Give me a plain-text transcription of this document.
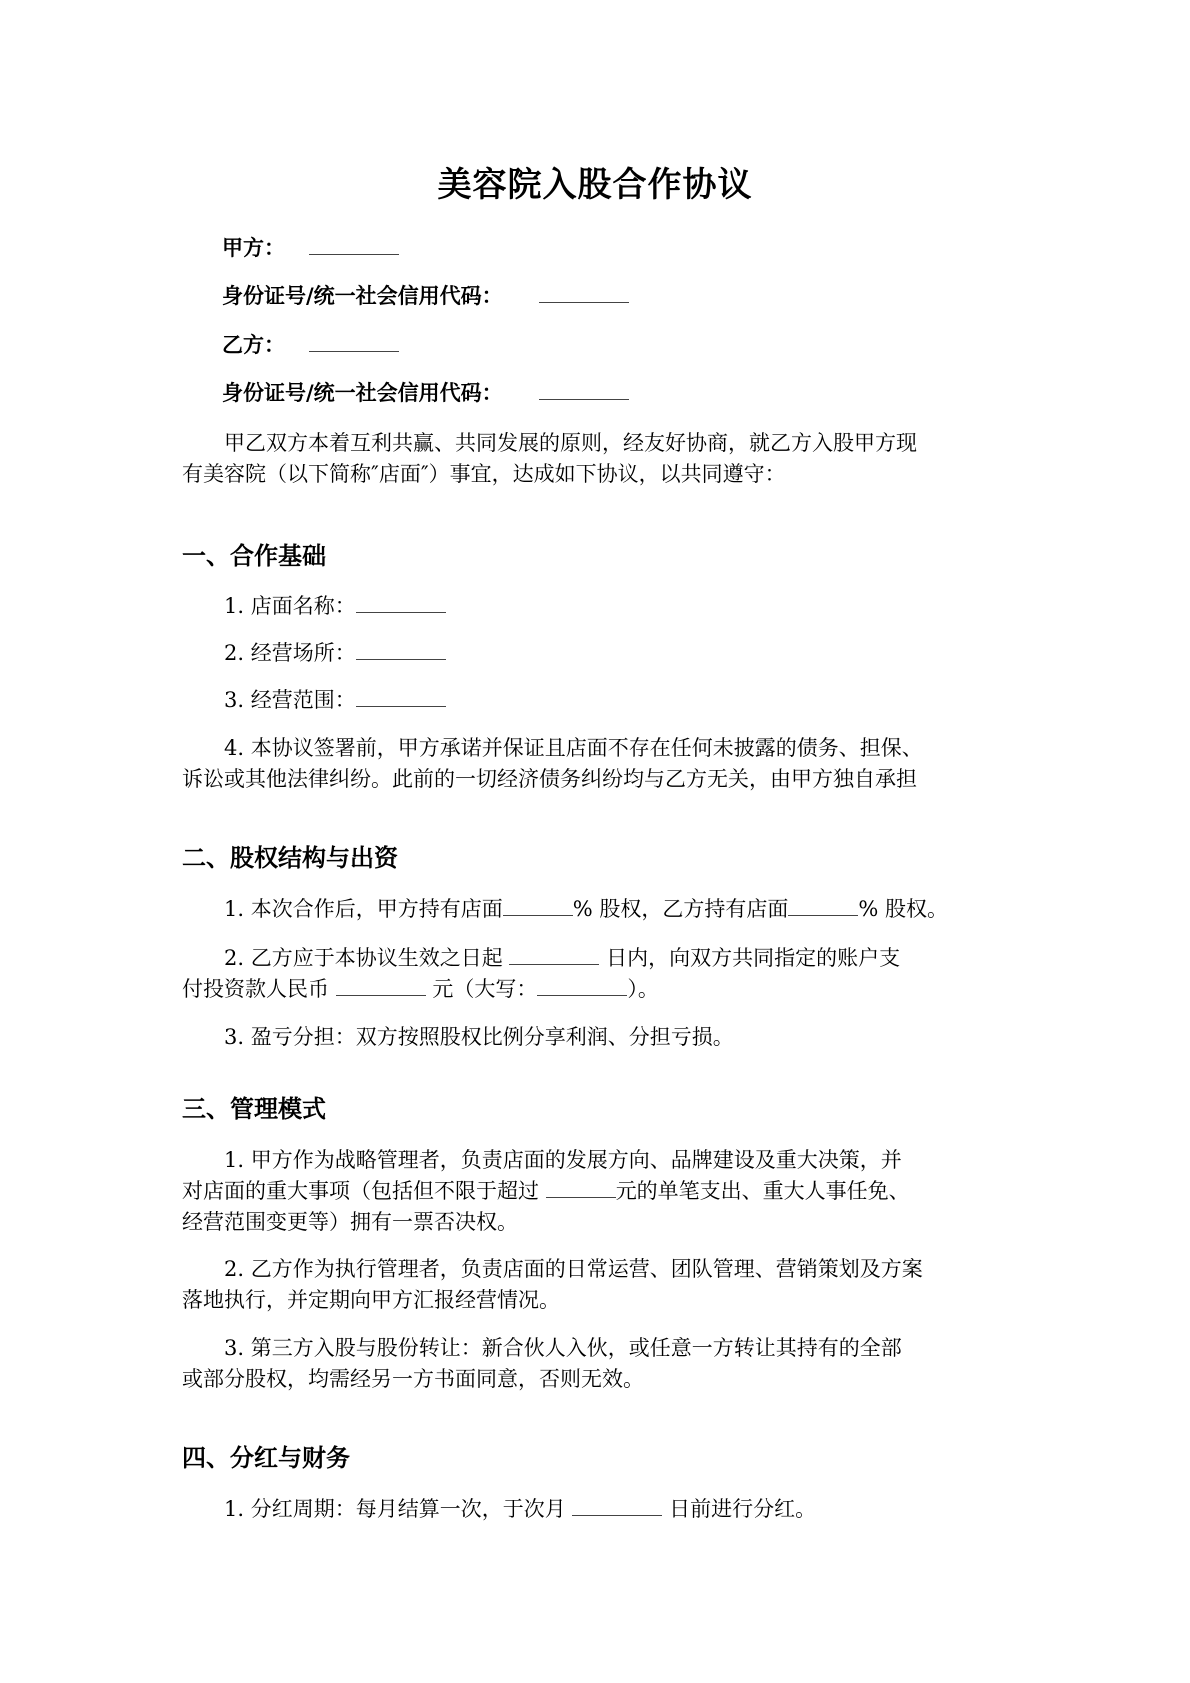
美容院入股合作协议
甲方：
身份证号/统一社会信用代码：
乙方：
身份证号/统一社会信用代码：
甲乙双方本着互利共赢、共同发展的原则，经友好协商，就乙方入股甲方现
有美容院（以下简称″店面″）事宜，达成如下协议，以共同遵守：
一、合作基础
1. 店面名称：
2. 经营场所：
3. 经营范围：
4. 本协议签署前，甲方承诺并保证且店面不存在任何未披露的债务、担保、
诉讼或其他法律纠纷。此前的一切经济债务纠纷均与乙方无关，由甲方独自承担
二、股权结构与出资
1. 本次合作后，甲方持有店面	% 股权，乙方持有店面	% 股权。
2. 乙方应于本协议生效之日起	日内，向双方共同指定的账户支
付投资款人民币	元（大写：	）。
3. 盈亏分担：双方按照股权比例分享利润、分担亏损。
三、管理模式
1. 甲方作为战略管理者，负责店面的发展方向、品牌建设及重大决策，并
对店面的重大事项（包括但不限于超过	元的单笔支出、重大人事任免、
经营范围变更等）拥有一票否决权。
2. 乙方作为执行管理者，负责店面的日常运营、团队管理、营销策划及方案
落地执行，并定期向甲方汇报经营情况。
3. 第三方入股与股份转让：新合伙人入伙，或任意一方转让其持有的全部
或部分股权，均需经另一方书面同意，否则无效。
四、分红与财务
1. 分红周期：每月结算一次，于次月	日前进行分红。
